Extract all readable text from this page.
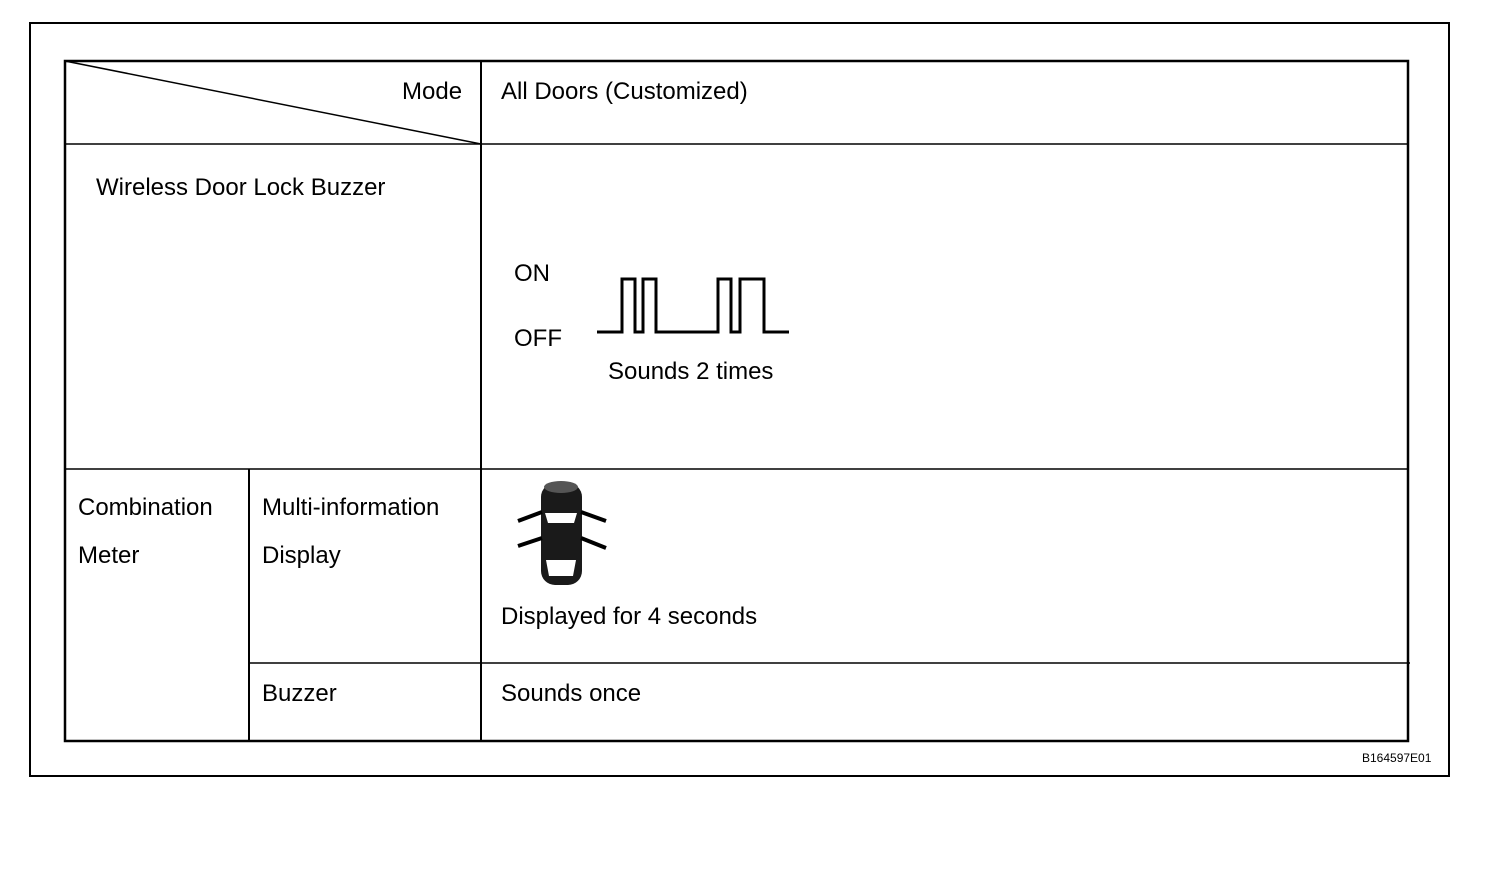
Mode All Doors (Customized)
Wireless Door Lock Buzzer
ON
OFF
Sounds 2 times
Combination
Meter
Multi-information
Display
Displayed for 4 seconds
Buzzer	Sounds once
B164597E01
